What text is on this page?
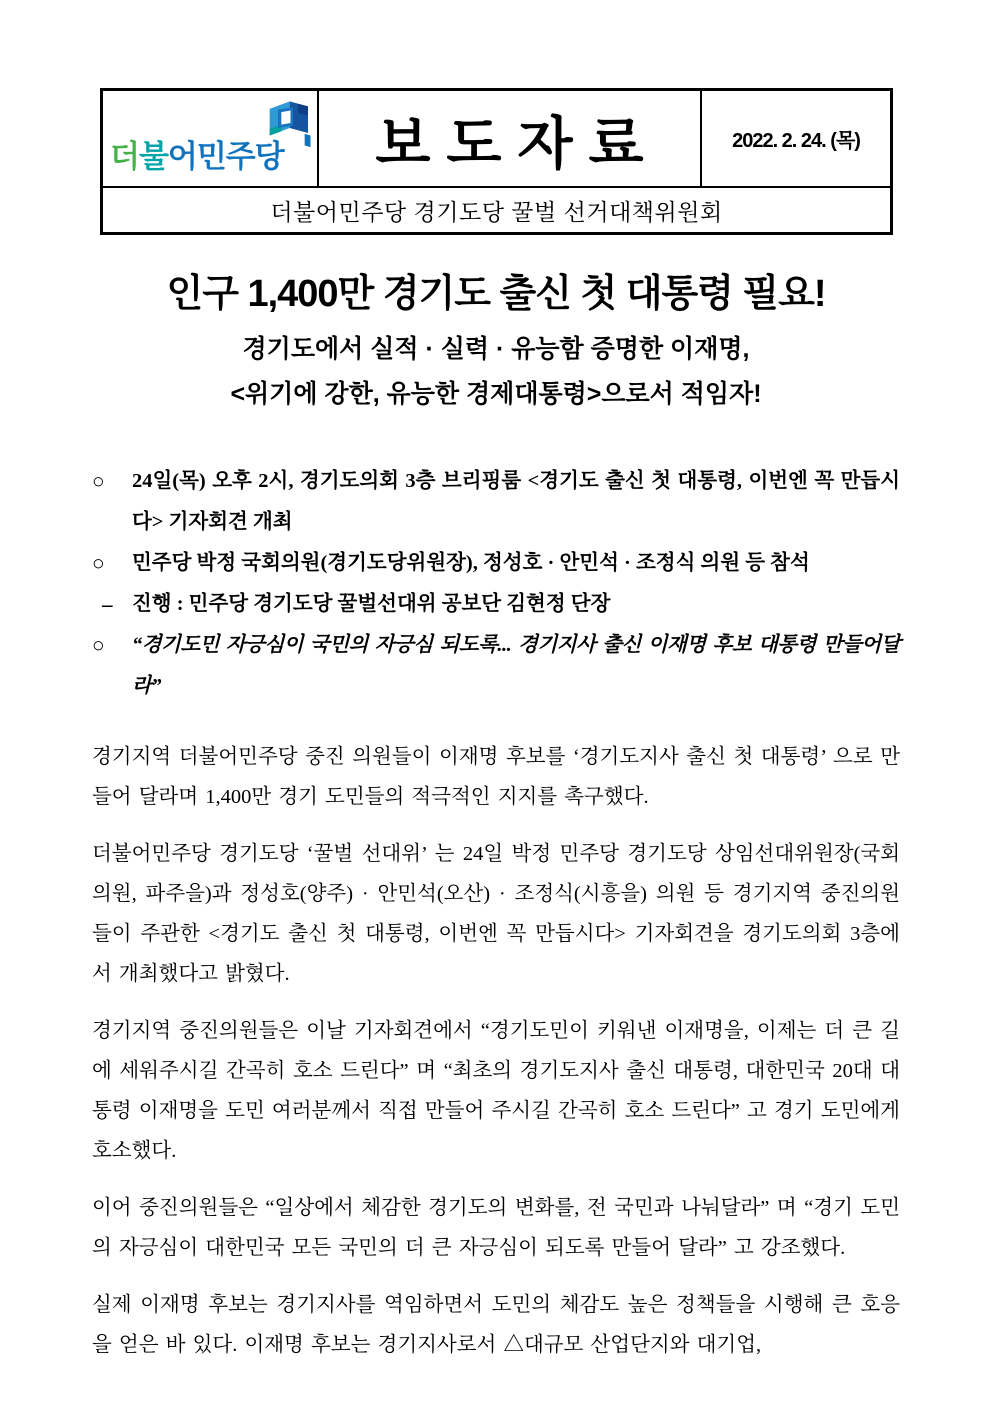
더불어민주당	보도자료	2022. 2. 24. (목)
더불어민주당 경기도당 꿀벌 선거대책위원회
인구 1,400만 경기도 출신 첫 대통령 필요!
경기도에서 실적 · 실력 · 유능함 증명한 이재명,
<위기에 강한, 유능한 경제대통령>으로서 적임자!
○	24일(목) 오후 2시, 경기도의회 3층 브리핑룸 <경기도 출신 첫 대통령, 이번엔 꼭 만듭시다> 기자회견 개최
○	민주당 박정 국회의원(경기도당위원장), 정성호 · 안민석 · 조정식 의원 등 참석
– 진행 : 민주당 경기도당 꿀벌선대위 공보단 김현정 단장
○	“경기도민 자긍심이 국민의 자긍심 되도록... 경기지사 출신 이재명 후보 대통령 만들어달라”

경기지역 더불어민주당 중진 의원들이 이재명 후보를 ‘경기도지사 출신 첫 대통령’ 으로 만들어 달라며 1,400만 경기 도민들의 적극적인 지지를 촉구했다.

더불어민주당 경기도당 ‘꿀벌 선대위’ 는 24일 박정 민주당 경기도당 상임선대위원장(국회의원, 파주을)과 정성호(양주) · 안민석(오산) · 조정식(시흥을) 의원 등 경기지역 중진의원들이 주관한 <경기도 출신 첫 대통령, 이번엔 꼭 만듭시다> 기자회견을 경기도의회 3층에서 개최했다고 밝혔다.

경기지역 중진의원들은 이날 기자회견에서 “경기도민이 키워낸 이재명을, 이제는 더 큰 길에 세워주시길 간곡히 호소 드린다” 며 “최초의 경기도지사 출신 대통령, 대한민국 20대 대통령 이재명을 도민 여러분께서 직접 만들어 주시길 간곡히 호소 드린다” 고 경기 도민에게 호소했다.

이어 중진의원들은 “일상에서 체감한 경기도의 변화를, 전 국민과 나눠달라” 며 “경기 도민의 자긍심이 대한민국 모든 국민의 더 큰 자긍심이 되도록 만들어 달라” 고 강조했다.

실제 이재명 후보는 경기지사를 역임하면서 도민의 체감도 높은 정책들을 시행해 큰 호응을 얻은 바 있다. 이재명 후보는 경기지사로서 △대규모 산업단지와 대기업,
